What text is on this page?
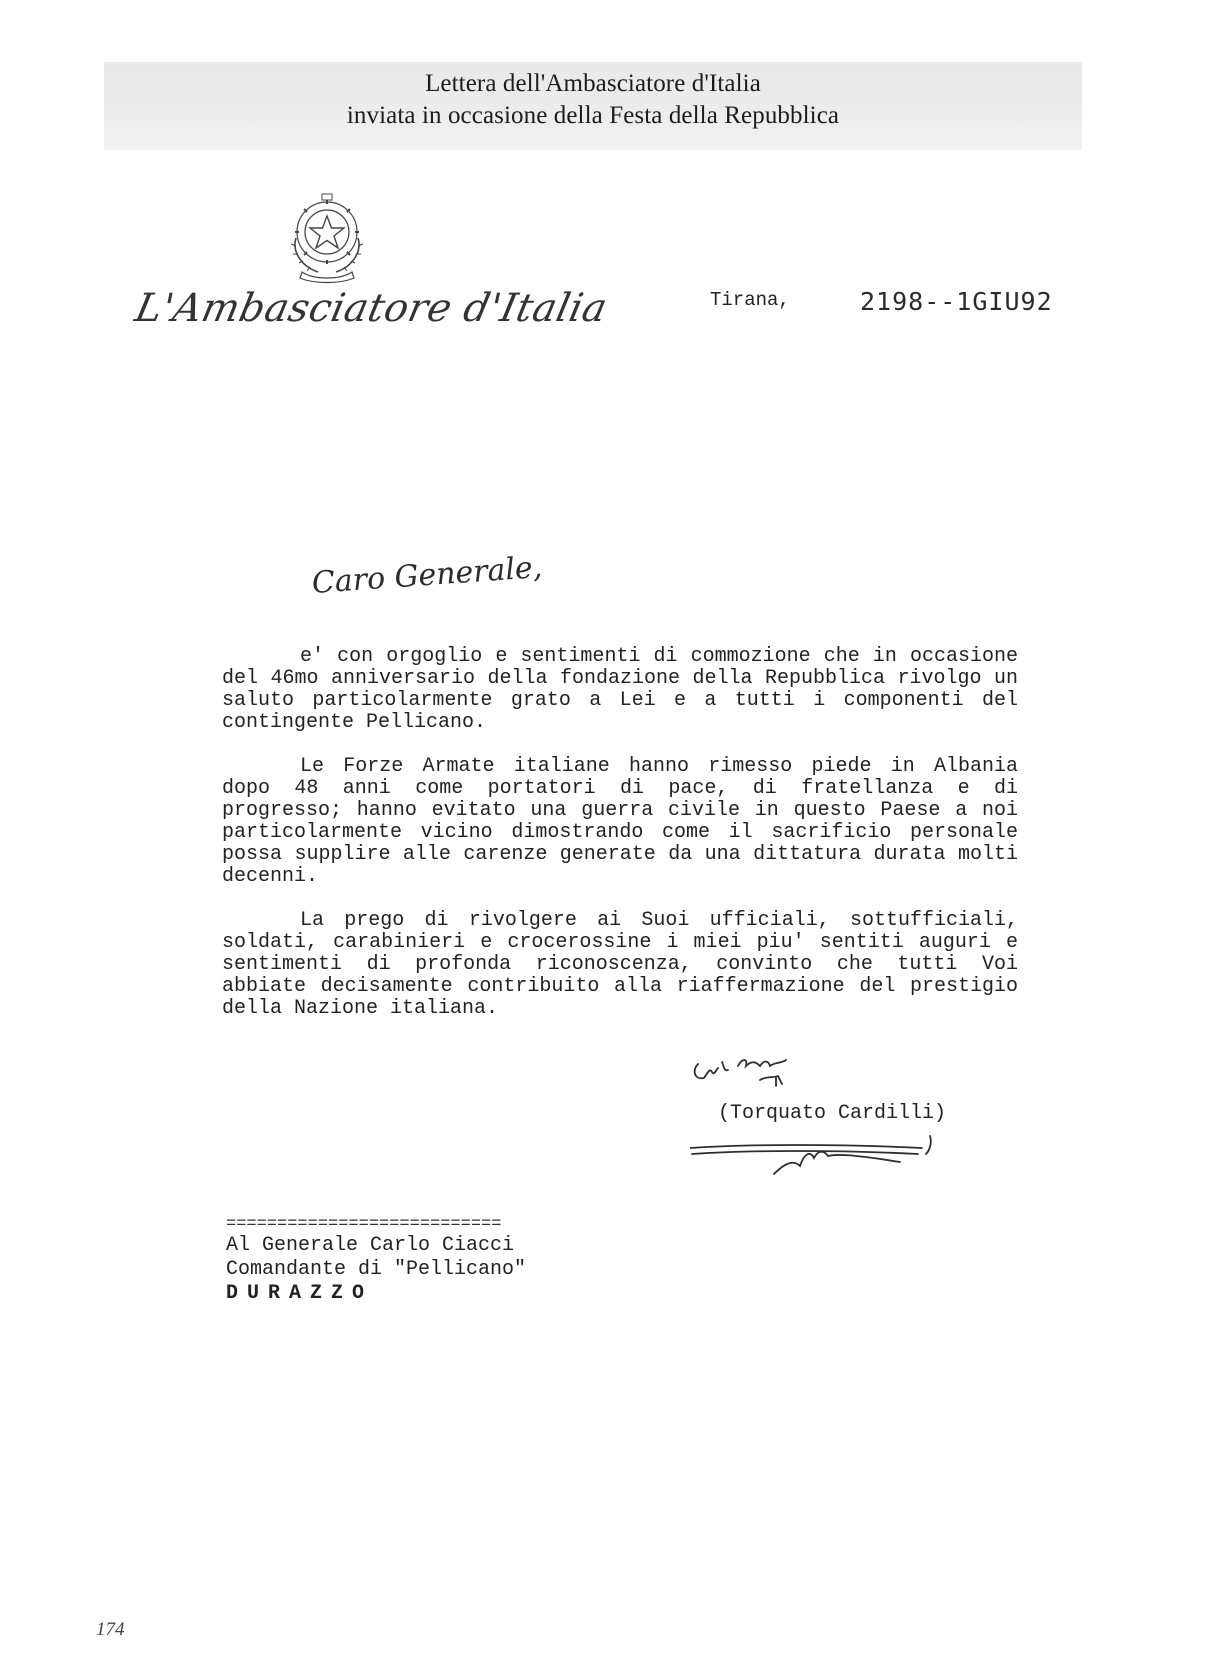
Lettera dell'Ambasciatore d'Italia
inviata in occasione della Festa della Repubblica
L'Ambasciatore d'Italia	Tirana,	2198--1GIU92
Caro Generale,

e' con orgoglio e sentimenti di commozione che in occasione del 46mo anniversario della fondazione della Repubblica rivolgo un saluto particolarmente grato a Lei e a tutti i componenti del contingente Pellicano.

Le Forze Armate italiane hanno rimesso piede in Albania dopo 48 anni come portatori di pace, di fratellanza e di progresso; hanno evitato una guerra civile in questo Paese a noi particolarmente vicino dimostrando come il sacrificio personale possa supplire alle carenze generate da una dittatura durata molti decenni.

La prego di rivolgere ai Suoi ufficiali, sottufficiali, soldati, carabinieri e crocerossine i miei piu' sentiti auguri e sentimenti di profonda riconoscenza, convinto che tutti Voi abbiate decisamente contribuito alla riaffermazione del prestigio della Nazione italiana.

(Torquato Cardilli)
===========================
Al Generale Carlo Ciacci
Comandante di "Pellicano"
DURAZZO
174
